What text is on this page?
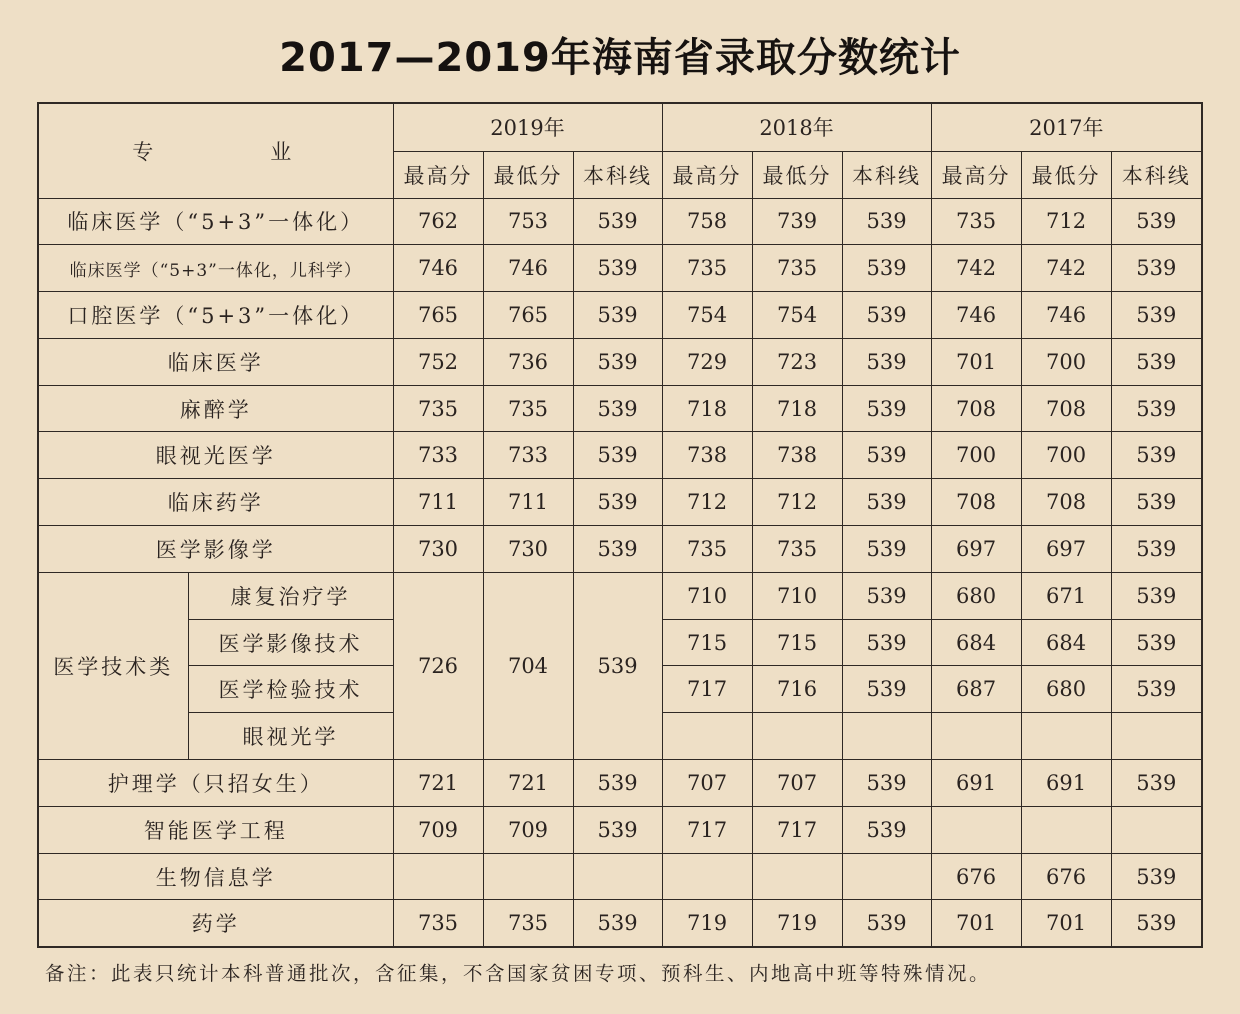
2017—2019年海南省录取分数统计
专　业		2019年			2018年			2017年		
		最高分	最低分	本科线	最高分	最低分	本科线	最高分	最低分	本科线
临床医学（“5+3”一体化）		762	753	539	758	739	539	735	712	539
临床医学（“5+3”一体化，儿科学）		746	746	539	735	735	539	742	742	539
口腔医学（“5+3”一体化）		765	765	539	754	754	539	746	746	539
临床医学		752	736	539	729	723	539	701	700	539
麻醉学		735	735	539	718	718	539	708	708	539
眼视光医学		733	733	539	738	738	539	700	700	539
临床药学		711	711	539	712	712	539	708	708	539
医学影像学		730	730	539	735	735	539	697	697	539
医学技术类	康复治疗学	726	704	539	710	710	539	680	671	539
	医学影像技术				715	715	539	684	684	539
	医学检验技术				717	716	539	687	680	539
	眼视光学									
护理学（只招女生）		721	721	539	707	707	539	691	691	539
智能医学工程		709	709	539	717	717	539			
生物信息学								676	676	539
药学		735	735	539	719	719	539	701	701	539
备注：此表只统计本科普通批次，含征集，不含国家贫困专项、预科生、内地高中班等特殊情况。
